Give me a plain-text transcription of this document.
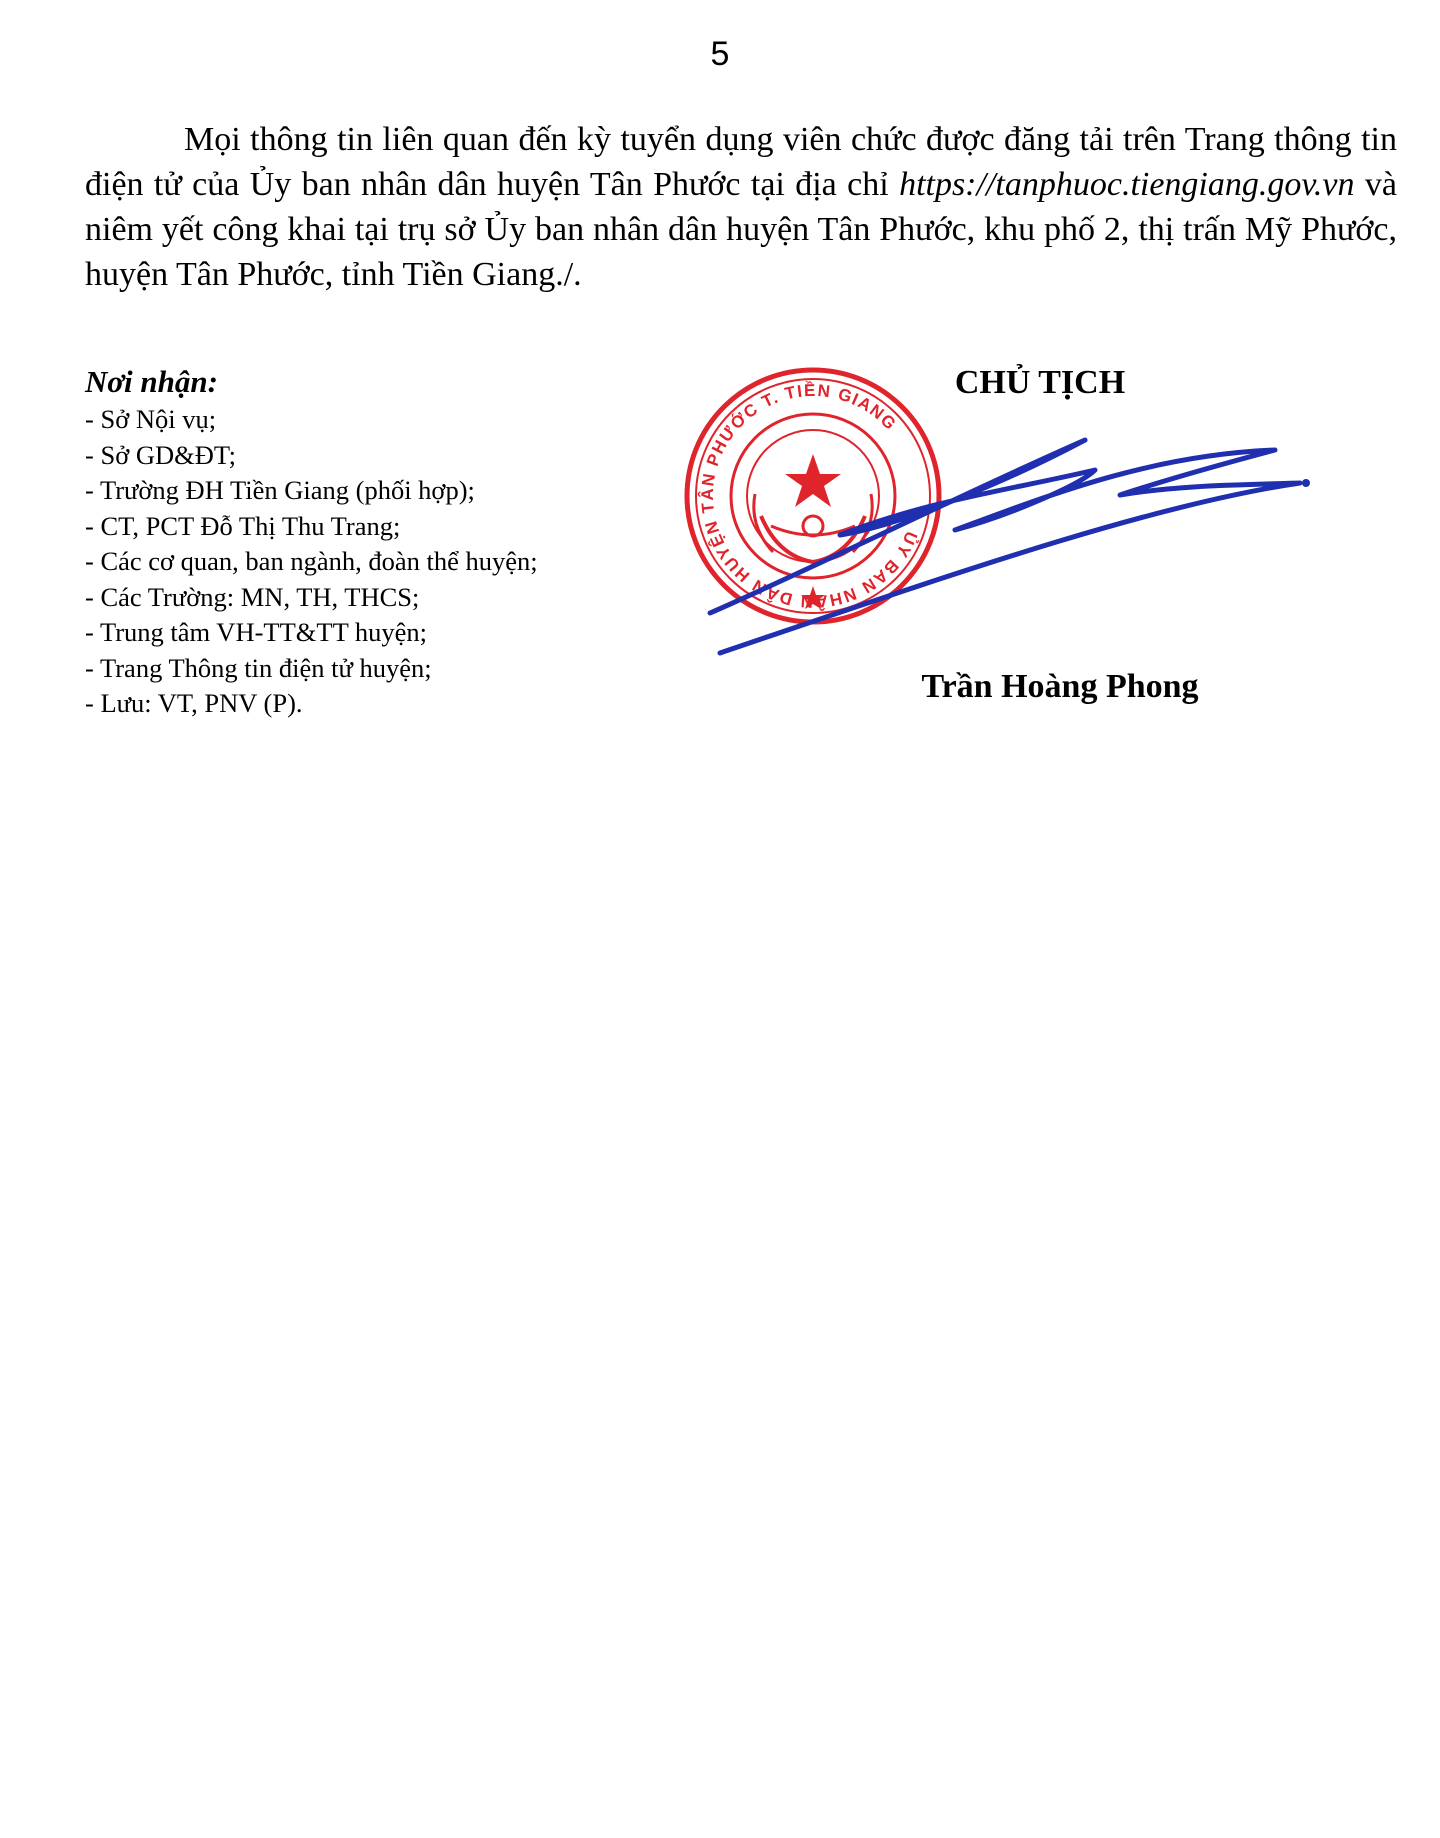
5

Mọi thông tin liên quan đến kỳ tuyển dụng viên chức được đăng tải trên Trang thông tin điện tử của Ủy ban nhân dân huyện Tân Phước tại địa chỉ https://tanphuoc.tiengiang.gov.vn và niêm yết công khai tại trụ sở Ủy ban nhân dân huyện Tân Phước, khu phố 2, thị trấn Mỹ Phước, huyện Tân Phước, tỉnh Tiền Giang./.

Nơi nhận:
- Sở Nội vụ;
- Sở GD&ĐT;
- Trường ĐH Tiền Giang (phối hợp);
- CT, PCT Đỗ Thị Thu Trang;
- Các cơ quan, ban ngành, đoàn thể huyện;
- Các Trường: MN, TH, THCS;
- Trung tâm VH-TT&TT huyện;
- Trang Thông tin điện tử huyện;
- Lưu: VT, PNV (P).
ỦY BAN NHÂN DÂN HUYỆN TÂN PHƯỚC T. TIỀN GIANG
CHỦ TỊCH
Trần Hoàng Phong
